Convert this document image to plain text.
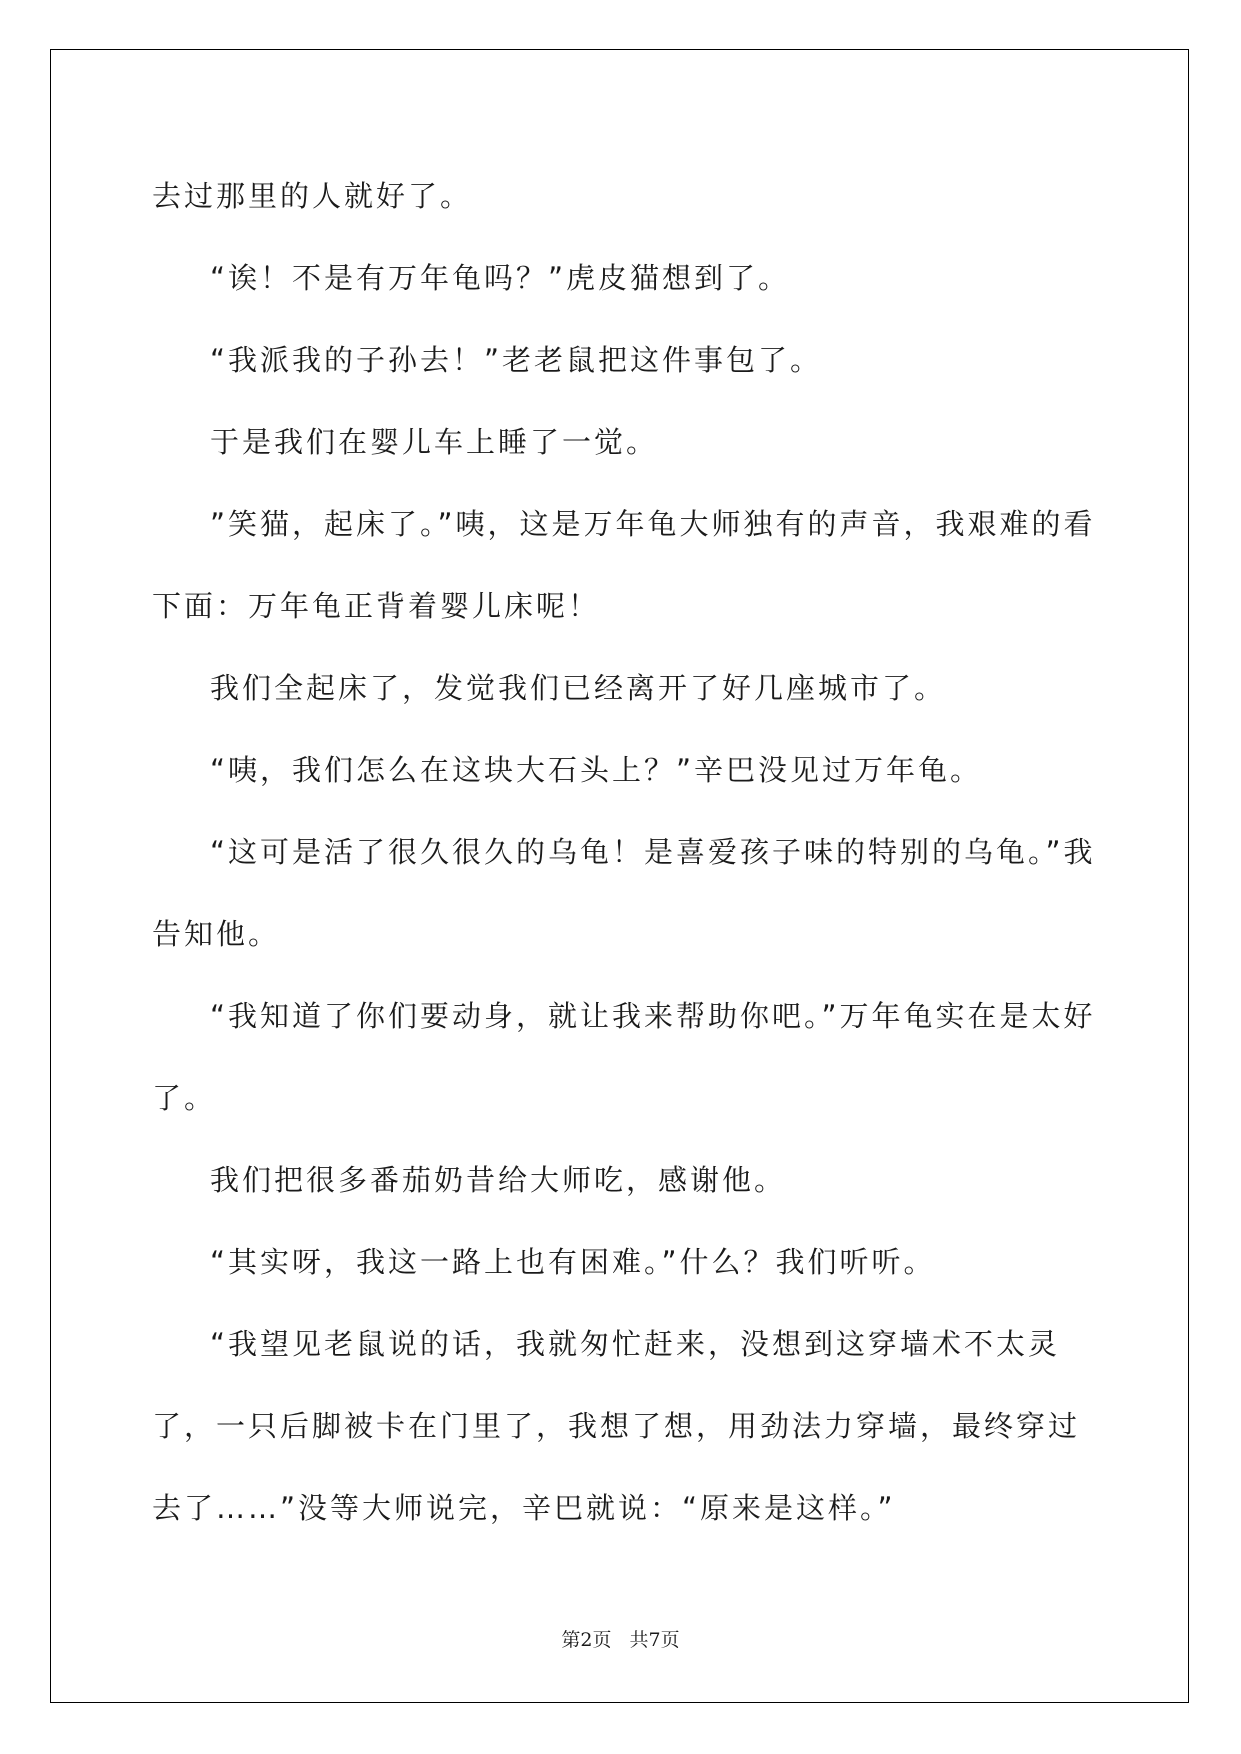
去过那里的人就好了。

“诶！不是有万年龟吗？”虎皮猫想到了。

“我派我的子孙去！”老老鼠把这件事包了。

于是我们在婴儿车上睡了一觉。

”笑猫，起床了。”咦，这是万年龟大师独有的声音，我艰难的看下面：万年龟正背着婴儿床呢！

我们全起床了，发觉我们已经离开了好几座城市了。

“咦，我们怎么在这块大石头上？”辛巴没见过万年龟。

“这可是活了很久很久的乌龟！是喜爱孩子味的特别的乌龟。”我告知他。

“我知道了你们要动身，就让我来帮助你吧。”万年龟实在是太好了。

我们把很多番茄奶昔给大师吃，感谢他。

“其实呀，我这一路上也有困难。”什么？我们听听。

“我望见老鼠说的话，我就匆忙赶来，没想到这穿墙术不太灵了，一只后脚被卡在门里了，我想了想，用劲法力穿墙，最终穿过去了……”没等大师说完，辛巴就说：“原来是这样。”

第2页 共7页
